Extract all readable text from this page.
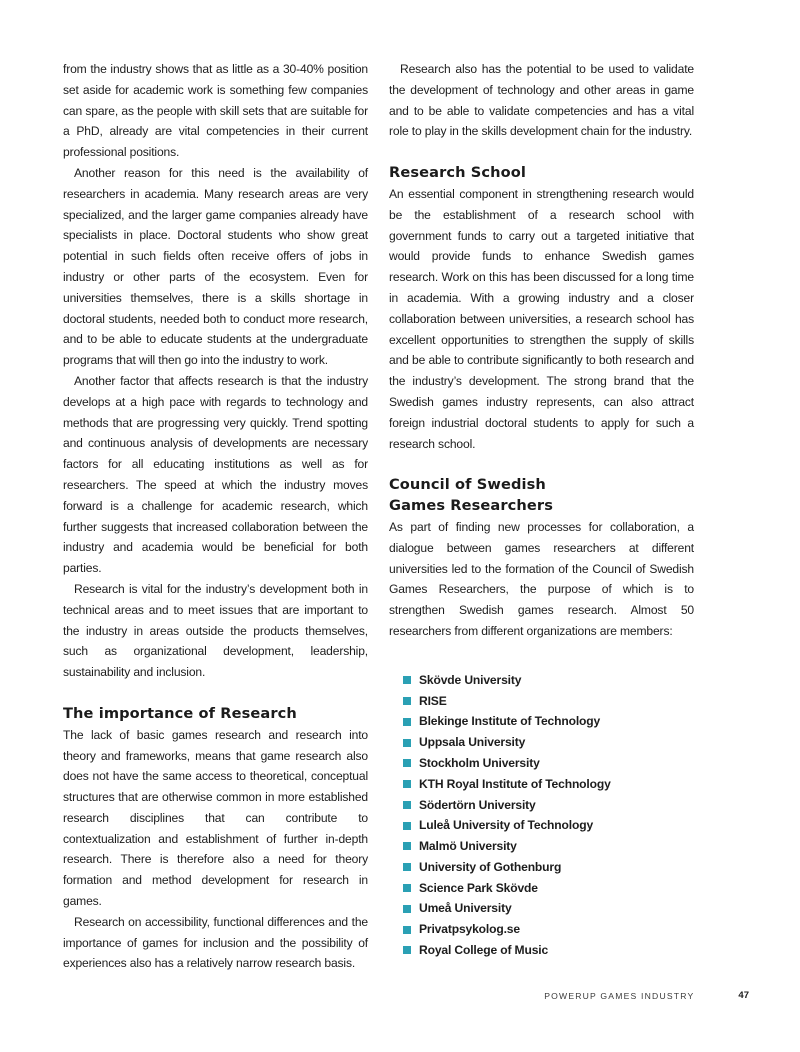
from the industry shows that as little as a 30-40% position set aside for academic work is something few companies can spare, as the people with skill sets that are suitable for a PhD, already are vital competencies in their current professional positions.

Another reason for this need is the availability of researchers in academia. Many research areas are very specialized, and the larger game companies already have specialists in place. Doctoral students who show great potential in such fields often receive offers of jobs in industry or other parts of the ecosystem. Even for universities themselves, there is a skills shortage in doctoral students, needed both to conduct more research, and to be able to educate students at the undergraduate programs that will then go into the industry to work.

Another factor that affects research is that the industry develops at a high pace with regards to technology and methods that are progressing very quickly. Trend spotting and continuous analysis of developments are necessary factors for all educating institutions as well as for researchers. The speed at which the industry moves forward is a challenge for academic research, which further suggests that increased collaboration between the industry and academia would be beneficial for both parties.

Research is vital for the industry’s development both in technical areas and to meet issues that are important to the industry in areas outside the products themselves, such as organizational development, leadership, sustainability and inclusion.

The importance of Research

The lack of basic games research and research into theory and frameworks, means that game research also does not have the same access to theoretical, conceptual structures that are otherwise common in more established research disciplines that can contribute to contextualization and establishment of further in-depth research. There is therefore also a need for theory formation and method development for research in games.

Research on accessibility, functional differences and the importance of games for inclusion and the possibility of experiences also has a relatively narrow research basis.

Research also has the potential to be used to validate the development of technology and other areas in game and to be able to validate competencies and has a vital role to play in the skills development chain for the industry.

Research School

An essential component in strengthening research would be the establishment of a research school with government funds to carry out a targeted initiative that would provide funds to enhance Swedish games research. Work on this has been discussed for a long time in academia. With a growing industry and a closer collaboration between universities, a research school has excellent opportunities to strengthen the supply of skills and be able to contribute significantly to both research and the industry’s development. The strong brand that the Swedish games industry represents, can also attract foreign industrial doctoral students to apply for such a research school.

Council of Swedish
Games Researchers

As part of finding new processes for collaboration, a dialogue between games researchers at different universities led to the formation of the Council of Swedish Games Researchers, the purpose of which is to strengthen Swedish games research. Almost 50 researchers from different organizations are members:

Skövde University
RISE
Blekinge Institute of Technology
Uppsala University
Stockholm University
KTH Royal Institute of Technology
Södertörn University
Luleå University of Technology
Malmö University
University of Gothenburg
Science Park Skövde
Umeå University
Privatpsykolog.se
Royal College of Music
POWERUP GAMES INDUSTRY	47
